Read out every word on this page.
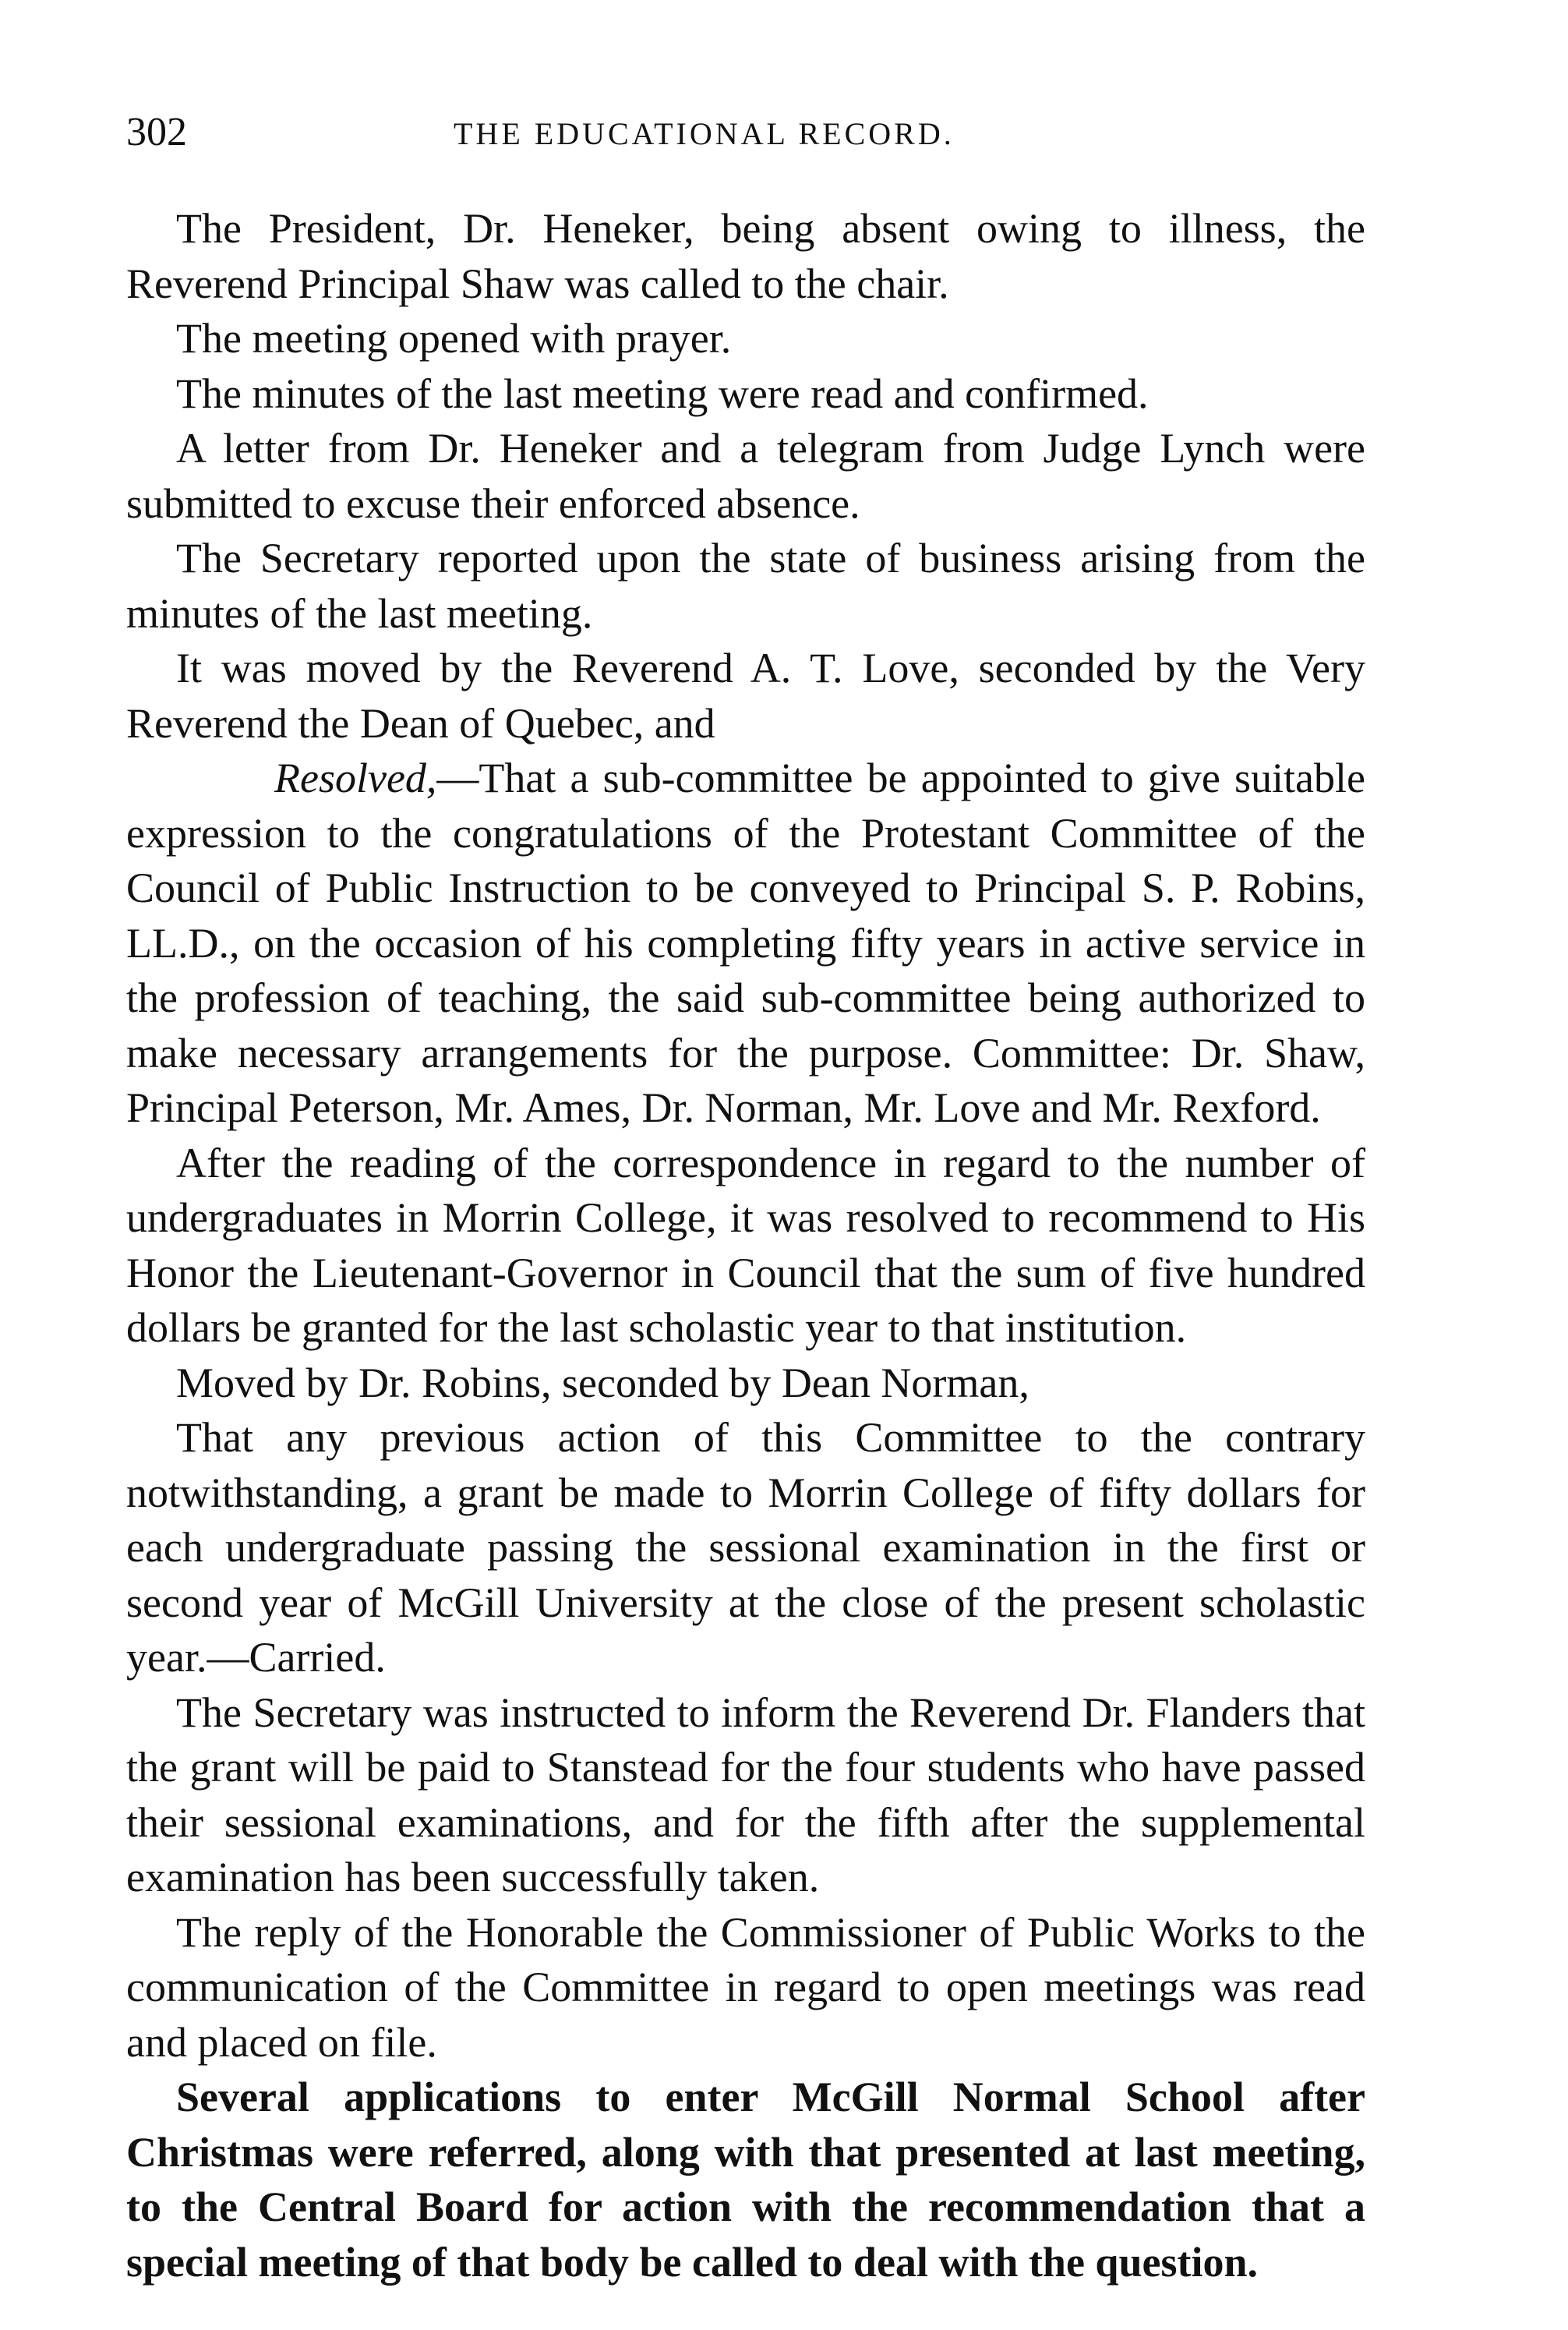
302	THE EDUCATIONAL RECORD.

The President, Dr. Heneker, being absent owing to illness, the Reverend Principal Shaw was called to the chair.

The meeting opened with prayer.

The minutes of the last meeting were read and confirmed.

A letter from Dr. Heneker and a telegram from Judge Lynch were submitted to excuse their enforced absence.

The Secretary reported upon the state of business arising from the minutes of the last meeting.

It was moved by the Reverend A. T. Love, seconded by the Very Reverend the Dean of Quebec, and

Resolved,—That a sub-committee be appointed to give suitable expression to the congratulations of the Protestant Committee of the Council of Public Instruction to be conveyed to Principal S. P. Robins, LL.D., on the occasion of his completing fifty years in active service in the profession of teaching, the said sub-committee being authorized to make necessary arrangements for the purpose. Committee: Dr. Shaw, Principal Peterson, Mr. Ames, Dr. Norman, Mr. Love and Mr. Rexford.

After the reading of the correspondence in regard to the number of undergraduates in Morrin College, it was resolved to recommend to His Honor the Lieutenant-Governor in Council that the sum of five hundred dollars be granted for the last scholastic year to that institution.

Moved by Dr. Robins, seconded by Dean Norman,

That any previous action of this Committee to the contrary notwithstanding, a grant be made to Morrin College of fifty dollars for each undergraduate passing the sessional examination in the first or second year of McGill University at the close of the present scholastic year.—Carried.

The Secretary was instructed to inform the Reverend Dr. Flanders that the grant will be paid to Stanstead for the four students who have passed their sessional examinations, and for the fifth after the supplemental examination has been successfully taken.

The reply of the Honorable the Commissioner of Public Works to the communication of the Committee in regard to open meetings was read and placed on file.

Several applications to enter McGill Normal School after Christmas were referred, along with that presented at last meeting, to the Central Board for action with the recommendation that a special meeting of that body be called to deal with the question.
